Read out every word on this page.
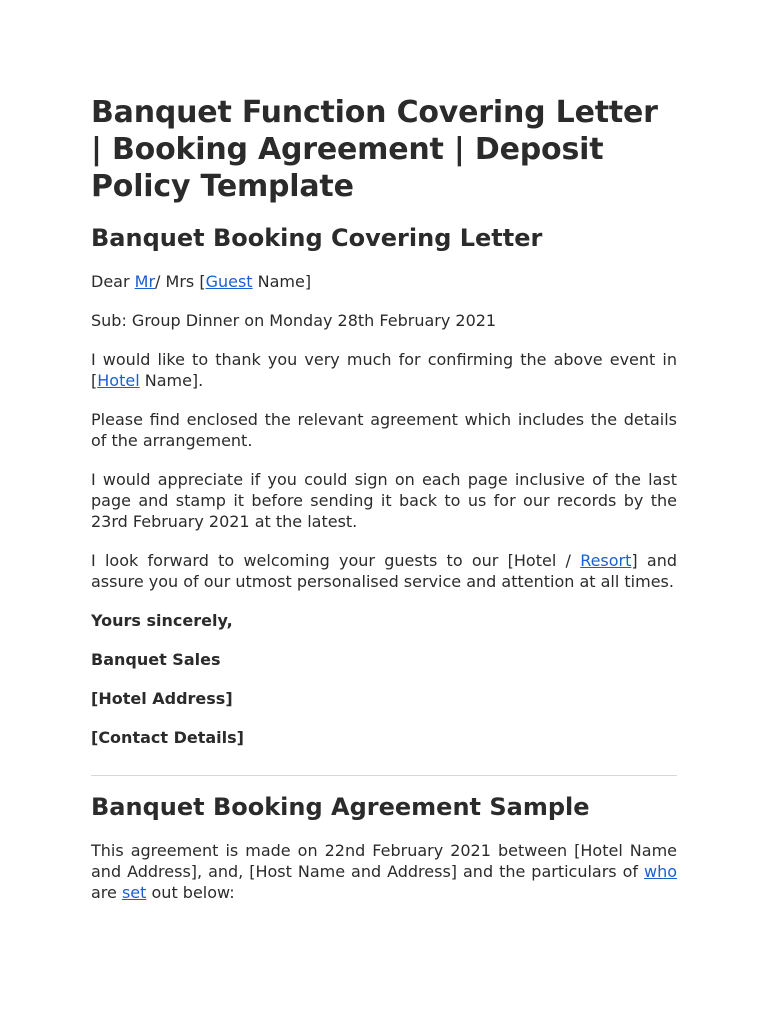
Banquet Function Covering Letter | Booking Agreement | Deposit Policy Template
Banquet Booking Covering Letter

Dear Mr/ Mrs [Guest Name]

Sub: Group Dinner on Monday 28th February 2021

I would like to thank you very much for confirming the above event in [Hotel Name].

Please find enclosed the relevant agreement which includes the details of the arrangement.

I would appreciate if you could sign on each page inclusive of the last page and stamp it before sending it back to us for our records by the 23rd February 2021 at the latest.

I look forward to welcoming your guests to our [Hotel / Resort] and assure you of our utmost personalised service and attention at all times.

Yours sincerely,

Banquet Sales

[Hotel Address]

[Contact Details]

Banquet Booking Agreement Sample

This agreement is made on 22nd February 2021 between [Hotel Name and Address], and, [Host Name and Address] and the particulars of who are set out below:
